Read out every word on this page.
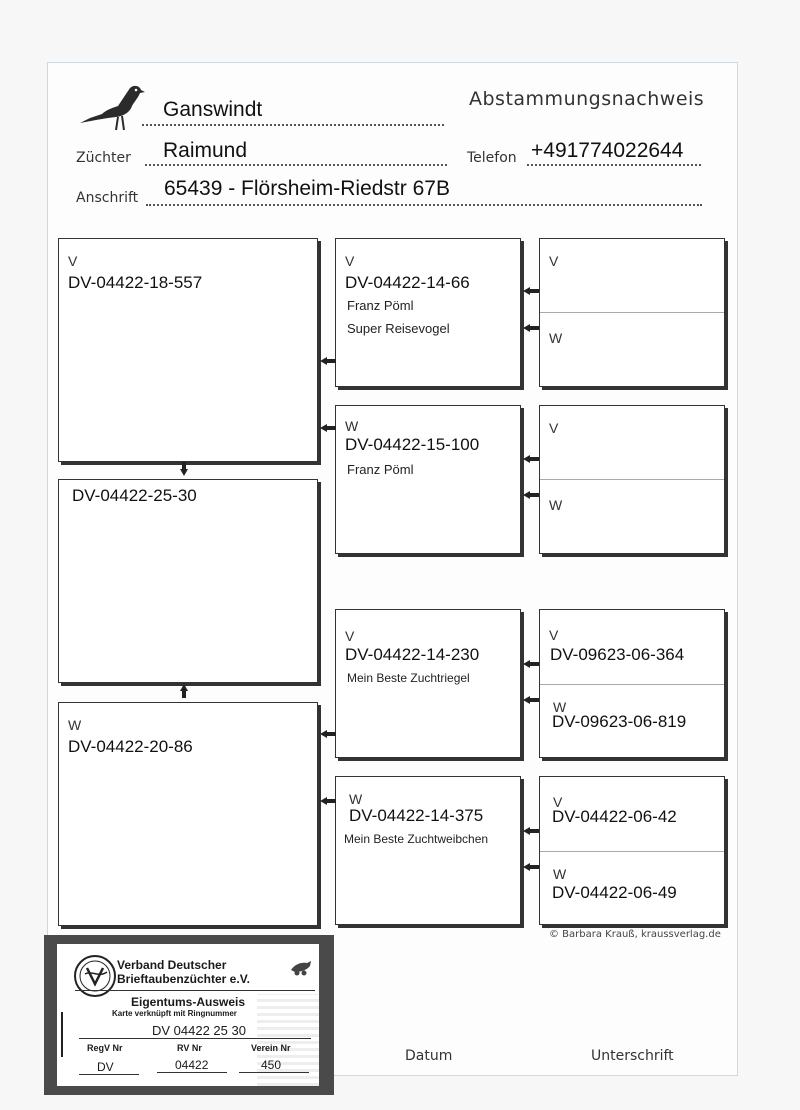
Abstammungsnachweis
Ganswindt
Züchter Raimund	Telefon +491774022644
Anschrift 65439 - Flörsheim-Riedstr 67B
V
DV-04422-18-557
DV-04422-25-30
W
DV-04422-20-86
V
DV-04422-14-66
Franz Pöml
Super Reisevogel
W
DV-04422-15-100
Franz Pöml
V
DV-04422-14-230
Mein Beste Zuchtriegel
W
DV-04422-14-375
Mein Beste Zuchtweibchen
V
W
V
W
V
DV-09623-06-364
W
DV-09623-06-819
V
DV-04422-06-42
W
DV-04422-06-49
© Barbara Krauß, kraussverlag.de
Datum	Unterschrift
Verband Deutscher
Brieftaubenzüchter e.V.
Eigentums-Ausweis
Karte verknüpft mit Ringnummer
DV 04422 25 30
RegV Nr	RV Nr	Verein Nr
DV	04422	450
